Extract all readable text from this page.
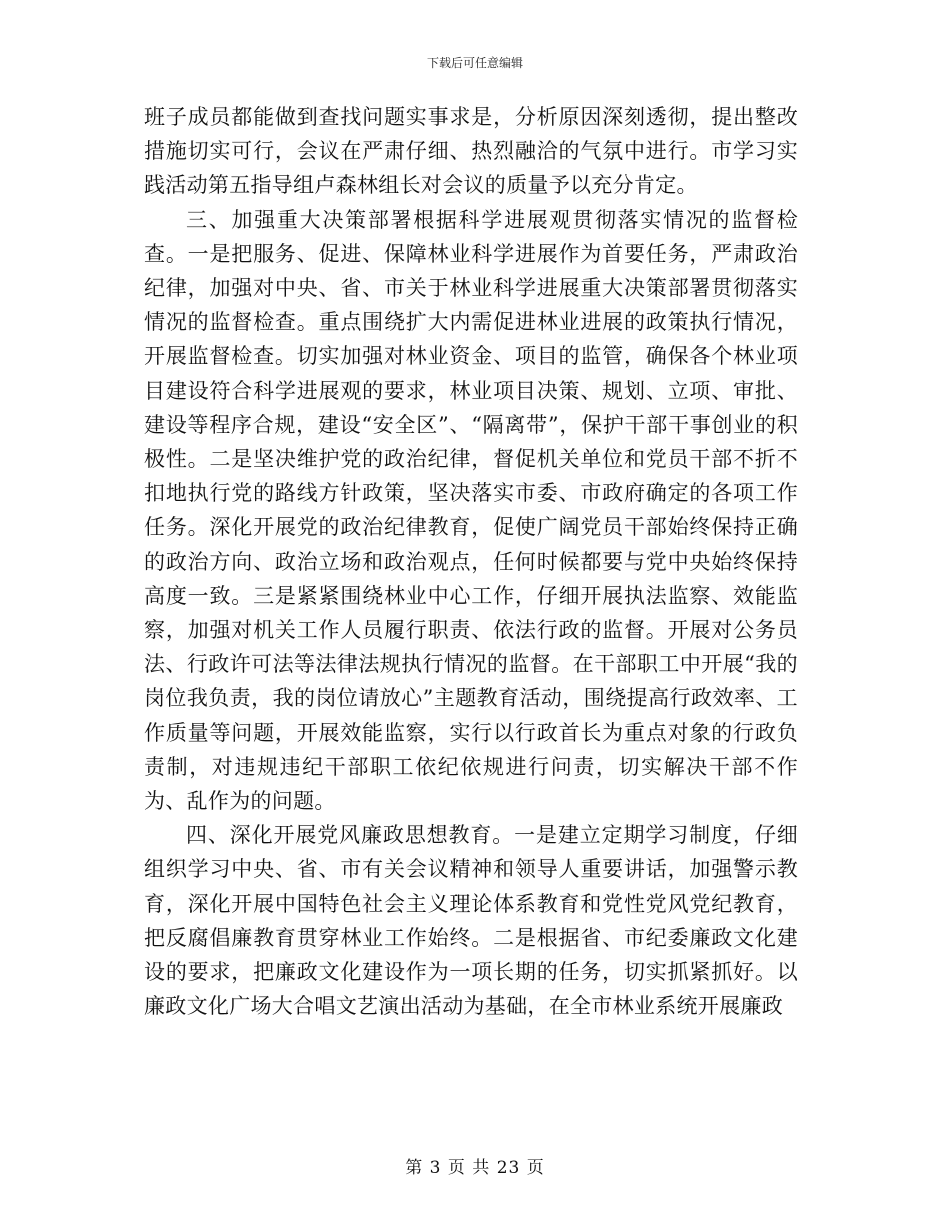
下载后可任意编辑

班子成员都能做到查找问题实事求是，分析原因深刻透彻，提出整改措施切实可行，会议在严肃仔细、热烈融洽的气氛中进行。市学习实践活动第五指导组卢森林组长对会议的质量予以充分肯定。

三、加强重大决策部署根据科学进展观贯彻落实情况的监督检查。一是把服务、促进、保障林业科学进展作为首要任务，严肃政治纪律，加强对中央、省、市关于林业科学进展重大决策部署贯彻落实情况的监督检查。重点围绕扩大内需促进林业进展的政策执行情况，开展监督检查。切实加强对林业资金、项目的监管，确保各个林业项目建设符合科学进展观的要求，林业项目决策、规划、立项、审批、建设等程序合规，建设“安全区”、“隔离带”，保护干部干事创业的积极性。二是坚决维护党的政治纪律，督促机关单位和党员干部不折不扣地执行党的路线方针政策，坚决落实市委、市政府确定的各项工作任务。深化开展党的政治纪律教育，促使广阔党员干部始终保持正确的政治方向、政治立场和政治观点，任何时候都要与党中央始终保持高度一致。三是紧紧围绕林业中心工作，仔细开展执法监察、效能监察，加强对机关工作人员履行职责、依法行政的监督。开展对公务员法、行政许可法等法律法规执行情况的监督。在干部职工中开展“我的岗位我负责，我的岗位请放心”主题教育活动，围绕提高行政效率、工作质量等问题，开展效能监察，实行以行政首长为重点对象的行政负责制，对违规违纪干部职工依纪依规进行问责，切实解决干部不作为、乱作为的问题。

四、深化开展党风廉政思想教育。一是建立定期学习制度，仔细组织学习中央、省、市有关会议精神和领导人重要讲话，加强警示教育，深化开展中国特色社会主义理论体系教育和党性党风党纪教育，把反腐倡廉教育贯穿林业工作始终。二是根据省、市纪委廉政文化建设的要求，把廉政文化建设作为一项长期的任务，切实抓紧抓好。以廉政文化广场大合唱文艺演出活动为基础，在全市林业系统开展廉政

第 3 页 共 23 页
